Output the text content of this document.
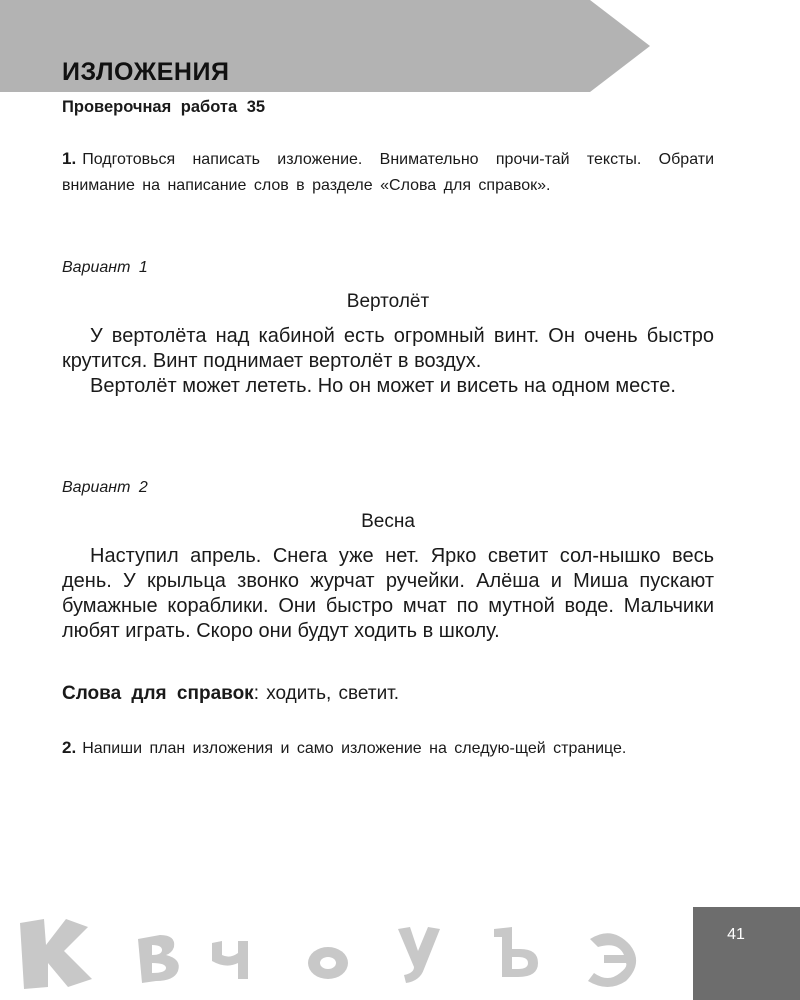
ИЗЛОЖЕНИЯ
Проверочная работа 35
1. Подготовься написать изложение. Внимательно прочи-тай тексты. Обрати внимание на написание слов в разделе «Слова для справок».
Вариант 1
Вертолёт

У вертолёта над кабиной есть огромный винт. Он очень быстро крутится. Винт поднимает вертолёт в воздух.

Вертолёт может лететь. Но он может и висеть на одном месте.

Вариант 2
Весна

Наступил апрель. Снега уже нет. Ярко светит сол-нышко весь день. У крыльца звонко журчат ручейки. Алёша и Миша пускают бумажные кораблики. Они быстро мчат по мутной воде. Мальчики любят играть. Скоро они будут ходить в школу.

Слова для справок: ходить, светит.
2. Напиши план изложения и само изложение на следую-щей странице.
41
